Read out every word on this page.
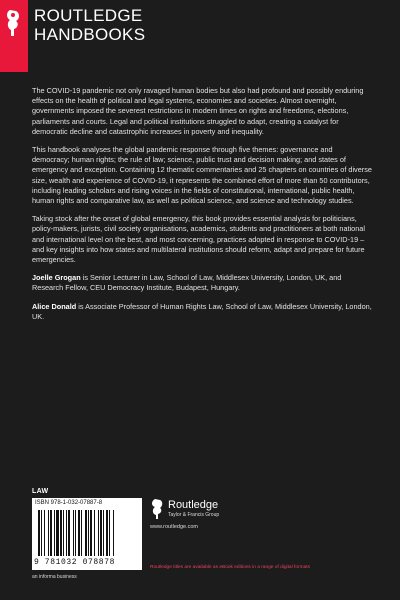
ROUTLEDGE
HANDBOOKS

The COVID-19 pandemic not only ravaged human bodies but also had profound and possibly enduring effects on the health of political and legal systems, economies and societies. Almost overnight, governments imposed the severest restrictions in modern times on rights and freedoms, elections, parliaments and courts. Legal and political institutions struggled to adapt, creating a catalyst for democratic decline and catastrophic increases in poverty and inequality.

This handbook analyses the global pandemic response through five themes: governance and democracy; human rights; the rule of law; science, public trust and decision making; and states of emergency and exception. Containing 12 thematic commentaries and 25 chapters on countries of diverse size, wealth and experience of COVID-19, it represents the combined effort of more than 50 contributors, including leading scholars and rising voices in the fields of constitutional, international, public health, human rights and comparative law, as well as political science, and science and technology studies.

Taking stock after the onset of global emergency, this book provides essential analysis for politicians, policy-makers, jurists, civil society organisations, academics, students and practitioners at both national and international level on the best, and most concerning, practices adopted in response to COVID-19 – and key insights into how states and multilateral institutions should reform, adapt and prepare for future emergencies.

Joelle Grogan is Senior Lecturer in Law, School of Law, Middlesex University, London, UK, and Research Fellow, CEU Democracy Institute, Budapest, Hungary.

Alice Donald is Associate Professor of Human Rights Law, School of Law, Middlesex University, London, UK.

LAW
ISBN 978-1-032-07887-8
9 781032 078878
an informa business
Routledge
Taylor & Francis Group
www.routledge.com
Routledge titles are available as eBook editions in a range of digital formats
